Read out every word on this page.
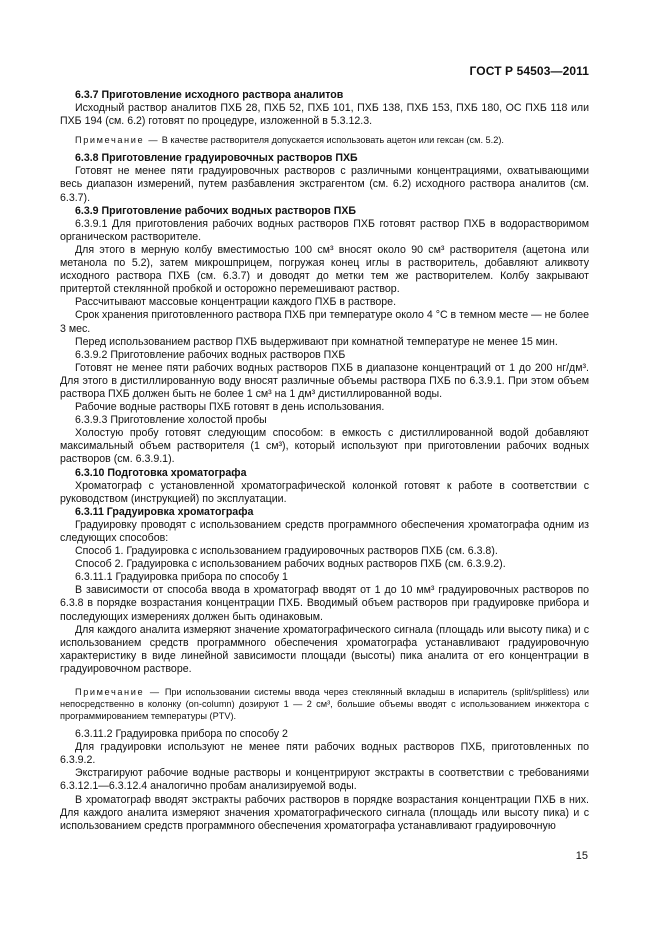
ГОСТ Р 54503—2011

6.3.7 Приготовление исходного раствора аналитов

Исходный раствор аналитов ПХБ 28, ПХБ 52, ПХБ 101, ПХБ 138, ПХБ 153, ПХБ 180, ОС ПХБ 118 или ПХБ 194 (см. 6.2) готовят по процедуре, изложенной в 5.3.12.3.

Примечание — В качестве растворителя допускается использовать ацетон или гексан (см. 5.2).

6.3.8 Приготовление градуировочных растворов ПХБ

Готовят не менее пяти градуировочных растворов с различными концентрациями, охватывающими весь диапазон измерений, путем разбавления экстрагентом (см. 6.2) исходного раствора аналитов (см. 6.3.7).

6.3.9 Приготовление рабочих водных растворов ПХБ

6.3.9.1 Для приготовления рабочих водных растворов ПХБ готовят раствор ПХБ в водорастворимом органическом растворителе.

Для этого в мерную колбу вместимостью 100 см³ вносят около 90 см³ растворителя (ацетона или метанола по 5.2), затем микрошприцем, погружая конец иглы в растворитель, добавляют аликвоту исходного раствора ПХБ (см. 6.3.7) и доводят до метки тем же растворителем. Колбу закрывают притертой стеклянной пробкой и осторожно перемешивают раствор.

Рассчитывают массовые концентрации каждого ПХБ в растворе.

Срок хранения приготовленного раствора ПХБ при температуре около 4 °C в темном месте — не более 3 мес.

Перед использованием раствор ПХБ выдерживают при комнатной температуре не менее 15 мин.

6.3.9.2 Приготовление рабочих водных растворов ПХБ

Готовят не менее пяти рабочих водных растворов ПХБ в диапазоне концентраций от 1 до 200 нг/дм³. Для этого в дистиллированную воду вносят различные объемы раствора ПХБ по 6.3.9.1. При этом объем раствора ПХБ должен быть не более 1 см³ на 1 дм³ дистиллированной воды.

Рабочие водные растворы ПХБ готовят в день использования.

6.3.9.3 Приготовление холостой пробы

Холостую пробу готовят следующим способом: в емкость с дистиллированной водой добавляют максимальный объем растворителя (1 см³), который используют при приготовлении рабочих водных растворов (см. 6.3.9.1).

6.3.10 Подготовка хроматографа

Хроматограф с установленной хроматографической колонкой готовят к работе в соответствии с руководством (инструкцией) по эксплуатации.

6.3.11 Градуировка хроматографа

Градуировку проводят с использованием средств программного обеспечения хроматографа одним из следующих способов:

Способ 1. Градуировка с использованием градуировочных растворов ПХБ (см. 6.3.8).

Способ 2. Градуировка с использованием рабочих водных растворов ПХБ (см. 6.3.9.2).

6.3.11.1 Градуировка прибора по способу 1

В зависимости от способа ввода в хроматограф вводят от 1 до 10 мм³ градуировочных растворов по 6.3.8 в порядке возрастания концентрации ПХБ. Вводимый объем растворов при градуировке прибора и последующих измерениях должен быть одинаковым.

Для каждого аналита измеряют значение хроматографического сигнала (площадь или высоту пика) и с использованием средств программного обеспечения хроматографа устанавливают градуировочную характеристику в виде линейной зависимости площади (высоты) пика аналита от его концентрации в градуировочном растворе.

Примечание — При использовании системы ввода через стеклянный вкладыш в испаритель (split/splitless) или непосредственно в колонку (on-column) дозируют 1 — 2 см³, большие объемы вводят с использованием инжектора с программированием температуры (PTV).

6.3.11.2 Градуировка прибора по способу 2

Для градуировки используют не менее пяти рабочих водных растворов ПХБ, приготовленных по 6.3.9.2.

Экстрагируют рабочие водные растворы и концентрируют экстракты в соответствии с требованиями 6.3.12.1—6.3.12.4 аналогично пробам анализируемой воды.

В хроматограф вводят экстракты рабочих растворов в порядке возрастания концентрации ПХБ в них. Для каждого аналита измеряют значения хроматографического сигнала (площадь или высоту пика) и с использованием средств программного обеспечения хроматографа устанавливают градуировочную

15
